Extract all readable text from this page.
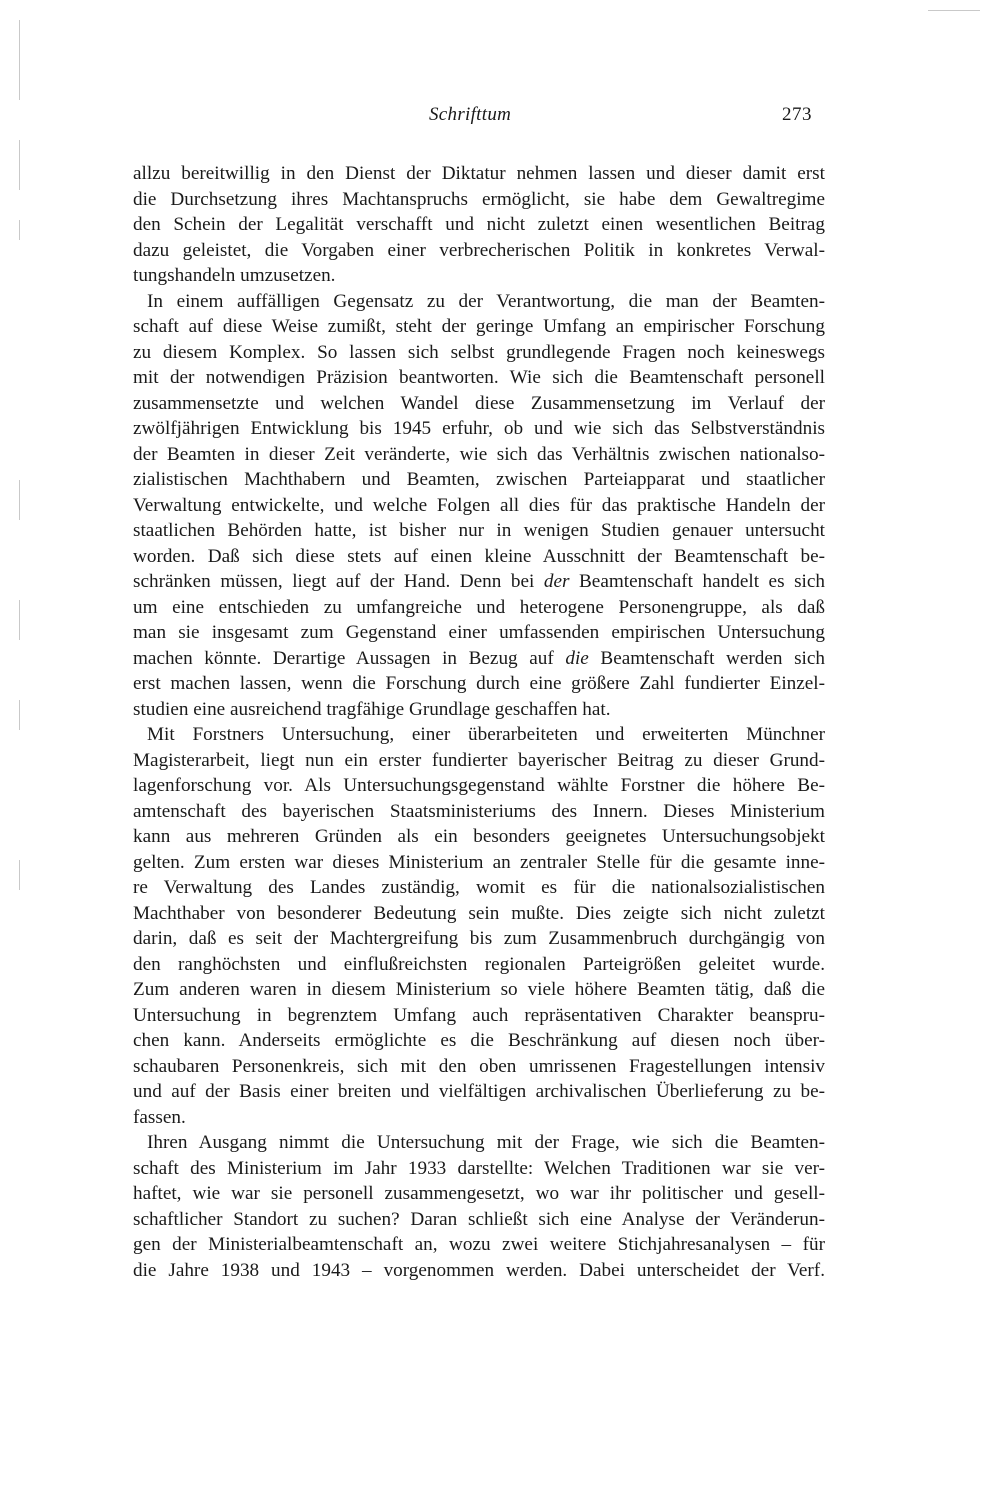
Schrifttum	273
allzu bereitwillig in den Dienst der Diktatur nehmen lassen und dieser damit erst
die Durchsetzung ihres Machtanspruchs ermöglicht, sie habe dem Gewaltregime
den Schein der Legalität verschafft und nicht zuletzt einen wesentlichen Beitrag
dazu geleistet, die Vorgaben einer verbrecherischen Politik in konkretes Verwal-
tungshandeln umzusetzen.
In einem auffälligen Gegensatz zu der Verantwortung, die man der Beamten-
schaft auf diese Weise zumißt, steht der geringe Umfang an empirischer Forschung
zu diesem Komplex. So lassen sich selbst grundlegende Fragen noch keineswegs
mit der notwendigen Präzision beantworten. Wie sich die Beamtenschaft personell
zusammensetzte und welchen Wandel diese Zusammensetzung im Verlauf der
zwölfjährigen Entwicklung bis 1945 erfuhr, ob und wie sich das Selbstverständnis
der Beamten in dieser Zeit veränderte, wie sich das Verhältnis zwischen nationalso-
zialistischen Machthabern und Beamten, zwischen Parteiapparat und staatlicher
Verwaltung entwickelte, und welche Folgen all dies für das praktische Handeln der
staatlichen Behörden hatte, ist bisher nur in wenigen Studien genauer untersucht
worden. Daß sich diese stets auf einen kleine Ausschnitt der Beamtenschaft be-
schränken müssen, liegt auf der Hand. Denn bei der Beamtenschaft handelt es sich
um eine entschieden zu umfangreiche und heterogene Personengruppe, als daß
man sie insgesamt zum Gegenstand einer umfassenden empirischen Untersuchung
machen könnte. Derartige Aussagen in Bezug auf die Beamtenschaft werden sich
erst machen lassen, wenn die Forschung durch eine größere Zahl fundierter Einzel-
studien eine ausreichend tragfähige Grundlage geschaffen hat.
Mit Forstners Untersuchung, einer überarbeiteten und erweiterten Münchner
Magisterarbeit, liegt nun ein erster fundierter bayerischer Beitrag zu dieser Grund-
lagenforschung vor. Als Untersuchungsgegenstand wählte Forstner die höhere Be-
amtenschaft des bayerischen Staatsministeriums des Innern. Dieses Ministerium
kann aus mehreren Gründen als ein besonders geeignetes Untersuchungsobjekt
gelten. Zum ersten war dieses Ministerium an zentraler Stelle für die gesamte inne-
re Verwaltung des Landes zuständig, womit es für die nationalsozialistischen
Machthaber von besonderer Bedeutung sein mußte. Dies zeigte sich nicht zuletzt
darin, daß es seit der Machtergreifung bis zum Zusammenbruch durchgängig von
den ranghöchsten und einflußreichsten regionalen Parteigrößen geleitet wurde.
Zum anderen waren in diesem Ministerium so viele höhere Beamten tätig, daß die
Untersuchung in begrenztem Umfang auch repräsentativen Charakter beanspru-
chen kann. Anderseits ermöglichte es die Beschränkung auf diesen noch über-
schaubaren Personenkreis, sich mit den oben umrissenen Fragestellungen intensiv
und auf der Basis einer breiten und vielfältigen archivalischen Überlieferung zu be-
fassen.
Ihren Ausgang nimmt die Untersuchung mit der Frage, wie sich die Beamten-
schaft des Ministerium im Jahr 1933 darstellte: Welchen Traditionen war sie ver-
haftet, wie war sie personell zusammengesetzt, wo war ihr politischer und gesell-
schaftlicher Standort zu suchen? Daran schließt sich eine Analyse der Veränderun-
gen der Ministerialbeamtenschaft an, wozu zwei weitere Stichjahresanalysen – für
die Jahre 1938 und 1943 – vorgenommen werden. Dabei unterscheidet der Verf.
